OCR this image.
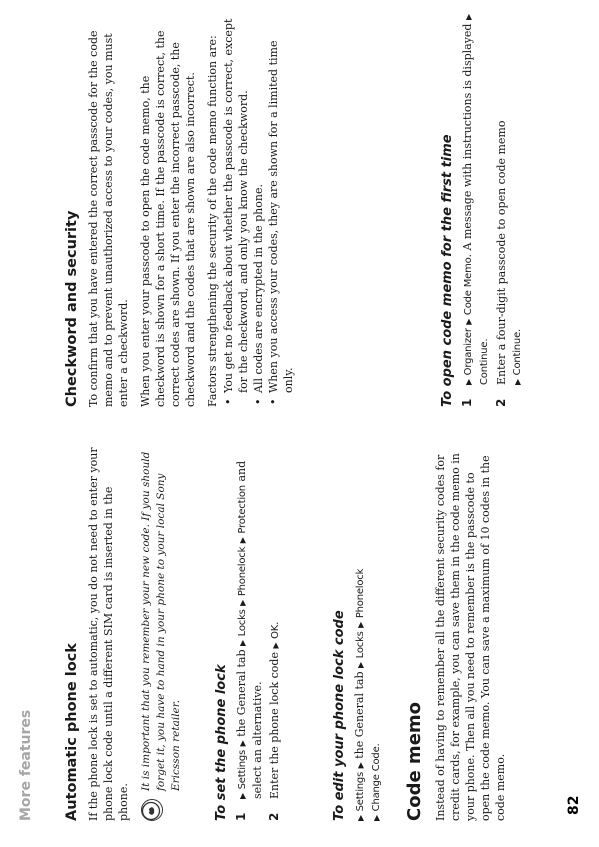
More features	82
Automatic phone lock If the phone lock is set to automatic, you do not need to enter your phone lock code until a different SIM card is inserted in the phone.

It is important that you remember your new code. If you should forget it, you have to hand in your phone to your local Sony Ericsson retailer. To set the phone lock 1
▶ Settings ▶ the General tab ▶ Locks ▶ Phonelock ▶ Protection and select an alternative.
2
Enter the phone lock code ▶ OK.	To edit your phone lock code	▶ Settings ▶ the General tab ▶ Locks ▶ Phonelock
▶ Change Code. Code memo Instead of having to remember all the different security codes for credit cards, for example, you can save them in the code memo in your phone. Then all you need to remember is the passcode to open the code memo. You can save a maximum of 10 codes in the code memo.

Checkword and security To confirm that you have entered the correct passcode for the code memo and to prevent unauthorized access to your codes, you must enter a checkword. When you enter your passcode to open the code memo, the checkword is shown for a short time. If the passcode is correct, the correct codes are shown. If you enter the incorrect passcode, the checkword and the codes that are shown are also incorrect. Factors strengthening the security of the code memo function are: • You get no feedback about whether the passcode is correct, except for the checkword, and only you know the checkword. • All codes are encrypted in the phone. • When you access your codes, they are shown for a limited time only.	To open code memo for the first time 1
▶ Organizer ▶ Code Memo. A message with instructions is displayed ▶ Continue.
2
Enter a four-digit passcode to open code memo ▶ Continue.
